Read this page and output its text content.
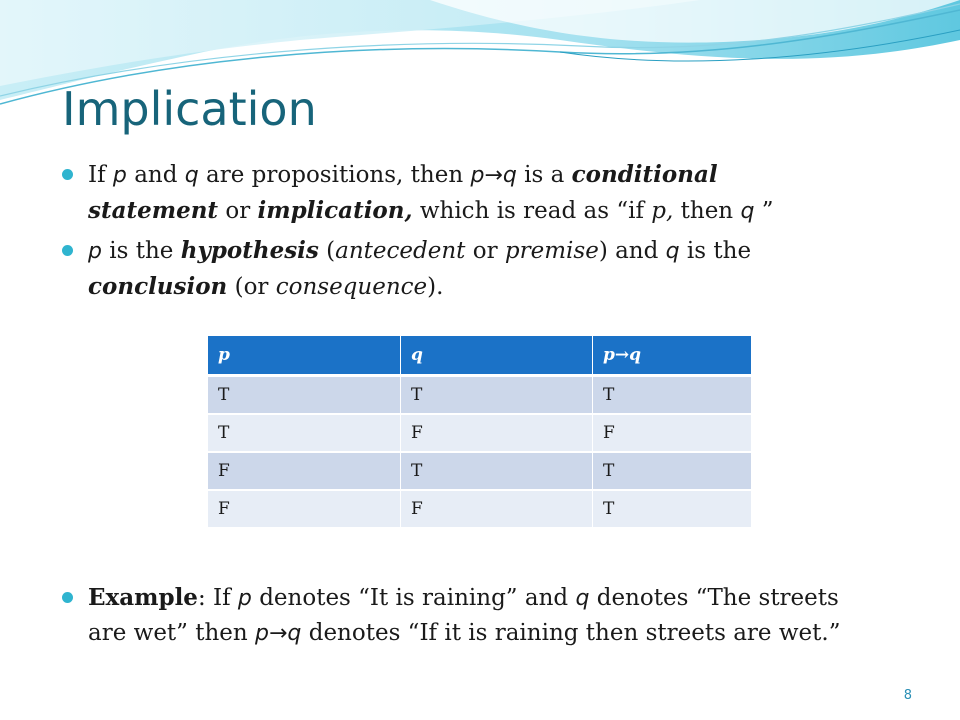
Implication
If p and q are propositions, then p→q is a conditional
statement or implication, which is read as “if p, then q ”
p is the hypothesis (antecedent or premise) and q is the
conclusion (or consequence).
p	q	p→q
T	T	T
T	F	F
F	T	T
F	F	T
Example: If p denotes “It is raining” and q denotes “The streets
are wet” then p→q denotes “If it is raining then streets are wet.”
8
